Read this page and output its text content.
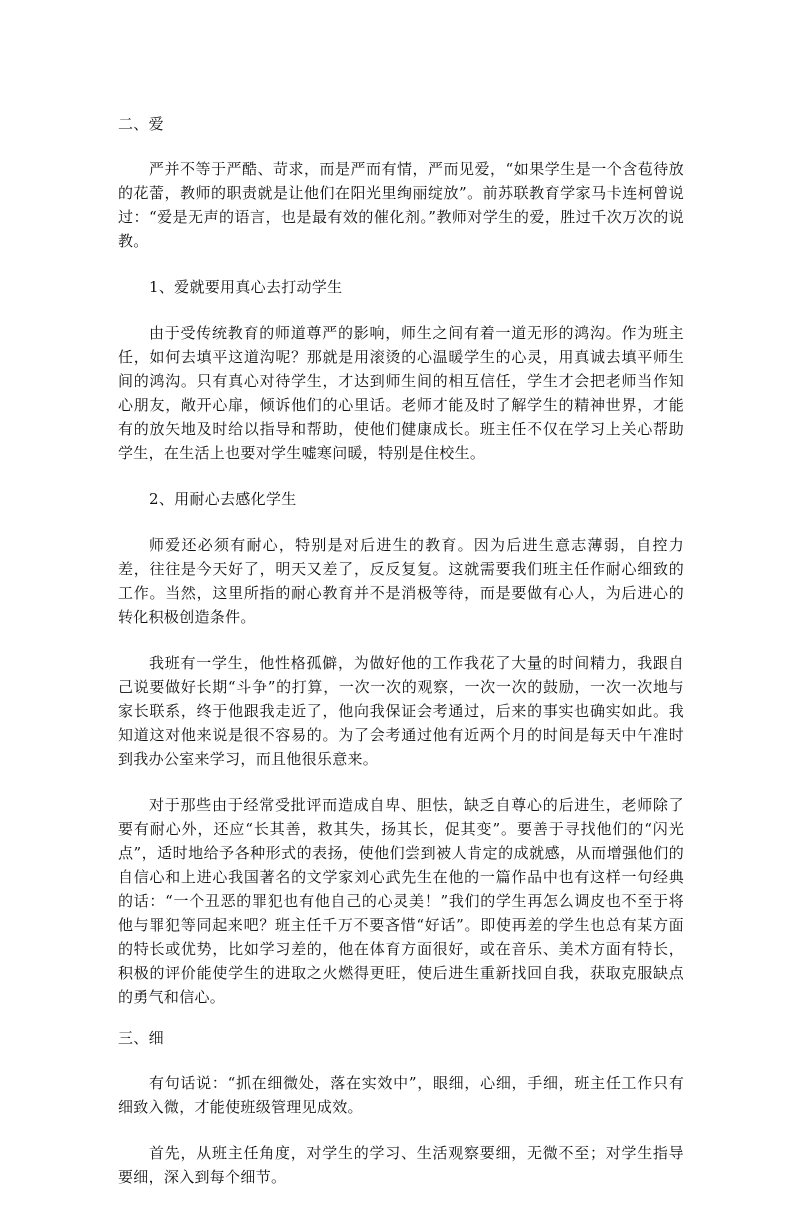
二、爱

严并不等于严酷、苛求，而是严而有情，严而见爱，“如果学生是一个含苞待放的花蕾，教师的职责就是让他们在阳光里绚丽绽放”。前苏联教育学家马卡连柯曾说过：“爱是无声的语言，也是最有效的催化剂。”教师对学生的爱，胜过千次万次的说教。

1、爱就要用真心去打动学生

由于受传统教育的师道尊严的影响，师生之间有着一道无形的鸿沟。作为班主任，如何去填平这道沟呢？那就是用滚烫的心温暖学生的心灵，用真诚去填平师生间的鸿沟。只有真心对待学生，才达到师生间的相互信任，学生才会把老师当作知心朋友，敞开心扉，倾诉他们的心里话。老师才能及时了解学生的精神世界，才能有的放矢地及时给以指导和帮助，使他们健康成长。班主任不仅在学习上关心帮助学生，在生活上也要对学生嘘寒问暖，特别是住校生。

2、用耐心去感化学生

师爱还必须有耐心，特别是对后进生的教育。因为后进生意志薄弱，自控力差，往往是今天好了，明天又差了，反反复复。这就需要我们班主任作耐心细致的工作。当然，这里所指的耐心教育并不是消极等待，而是要做有心人，为后进心的转化积极创造条件。

我班有一学生，他性格孤僻，为做好他的工作我花了大量的时间精力，我跟自己说要做好长期“斗争”的打算，一次一次的观察，一次一次的鼓励，一次一次地与家长联系，终于他跟我走近了，他向我保证会考通过，后来的事实也确实如此。我知道这对他来说是很不容易的。为了会考通过他有近两个月的时间是每天中午准时到我办公室来学习，而且他很乐意来。

对于那些由于经常受批评而造成自卑、胆怯，缺乏自尊心的后进生，老师除了要有耐心外，还应“长其善，救其失，扬其长，促其变”。要善于寻找他们的“闪光点”，适时地给予各种形式的表扬，使他们尝到被人肯定的成就感，从而增强他们的自信心和上进心我国著名的文学家刘心武先生在他的一篇作品中也有这样一句经典的话：“一个丑恶的罪犯也有他自己的心灵美！”我们的学生再怎么调皮也不至于将他与罪犯等同起来吧？班主任千万不要吝惜“好话”。即使再差的学生也总有某方面的特长或优势，比如学习差的，他在体育方面很好，或在音乐、美术方面有特长，积极的评价能使学生的进取之火燃得更旺，使后进生重新找回自我，获取克服缺点的勇气和信心。

三、细

有句话说：“抓在细微处，落在实效中”，眼细，心细，手细，班主任工作只有细致入微，才能使班级管理见成效。

首先，从班主任角度，对学生的学习、生活观察要细，无微不至；对学生指导要细，深入到每个细节。
